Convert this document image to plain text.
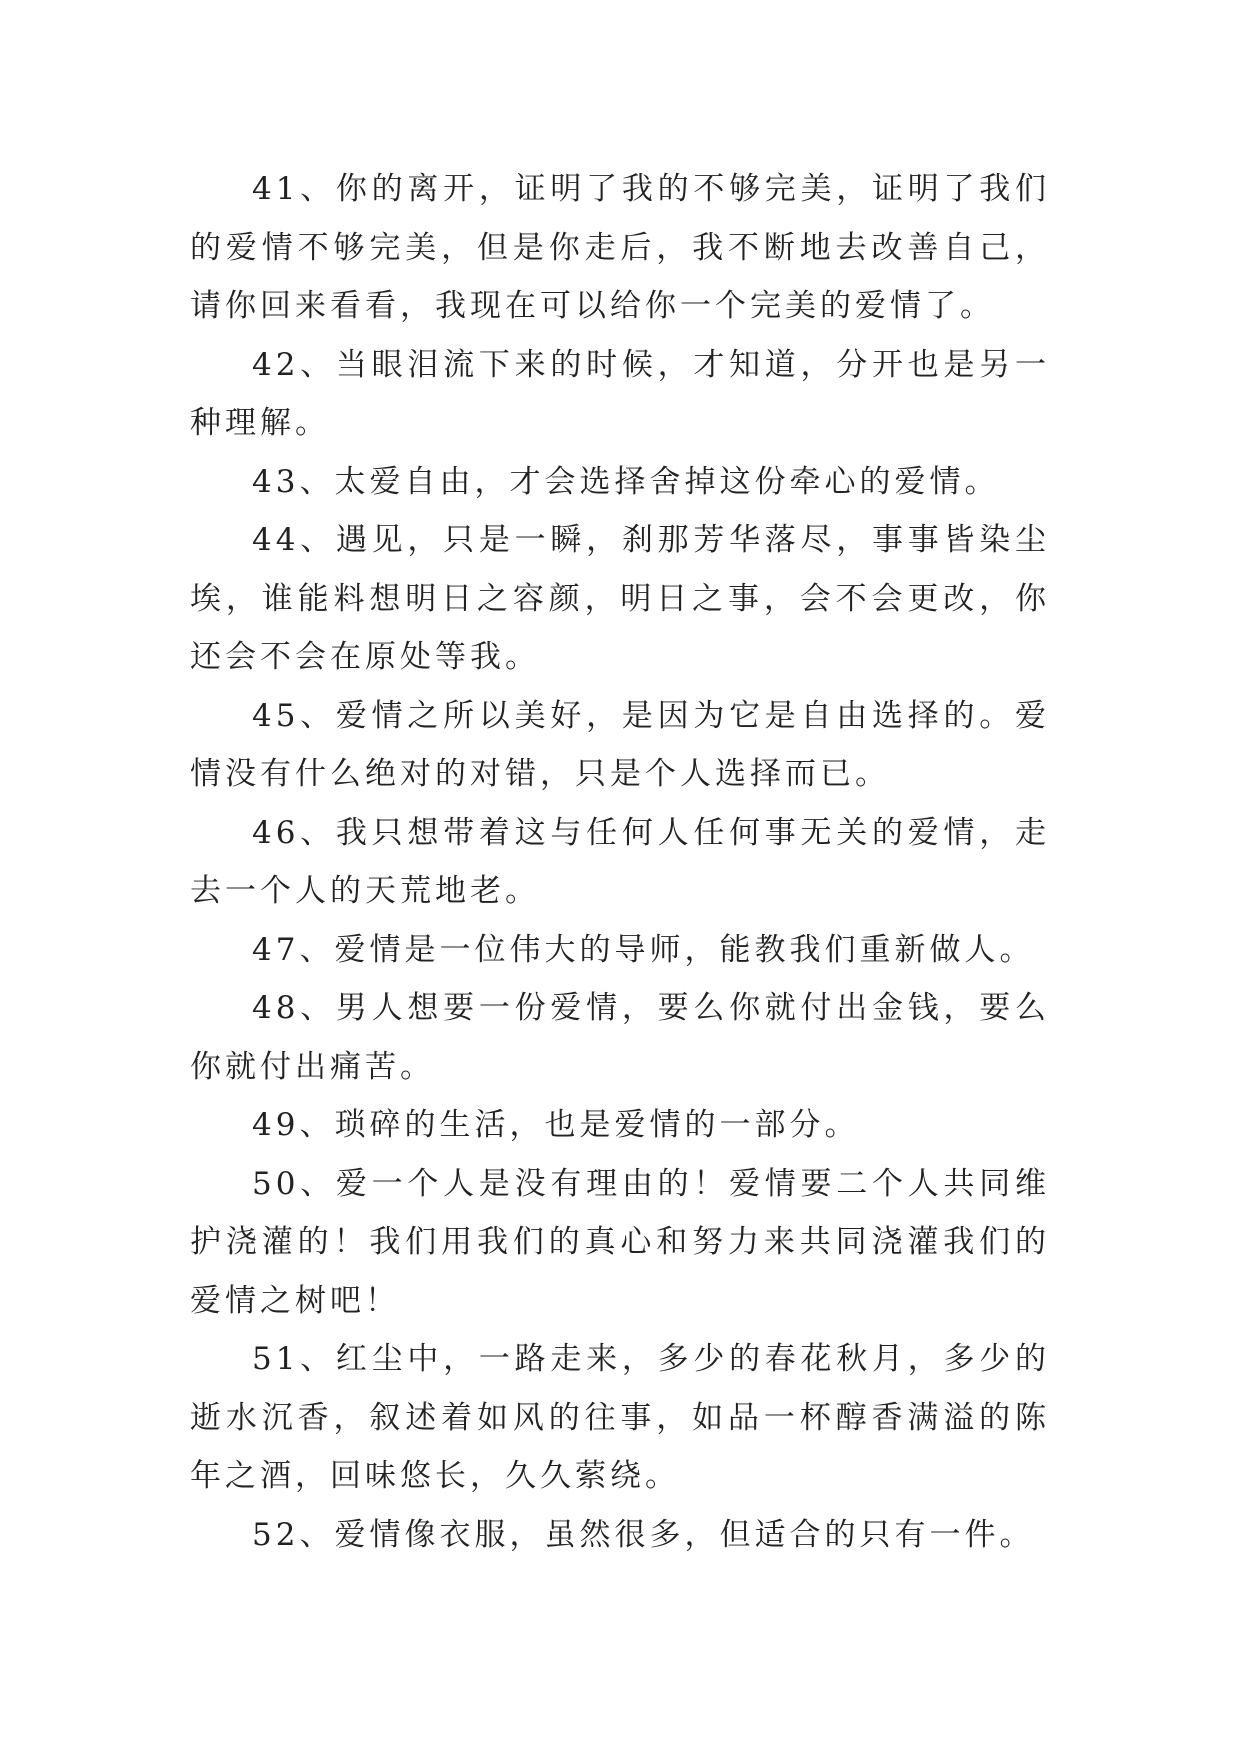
41、你的离开，证明了我的不够完美，证明了我们的爱情不够完美，但是你走后，我不断地去改善自己，请你回来看看，我现在可以给你一个完美的爱情了。

42、当眼泪流下来的时候，才知道，分开也是另一种理解。

43、太爱自由，才会选择舍掉这份牵心的爱情。

44、遇见，只是一瞬，刹那芳华落尽，事事皆染尘埃，谁能料想明日之容颜，明日之事，会不会更改，你还会不会在原处等我。

45、爱情之所以美好，是因为它是自由选择的。爱情没有什么绝对的对错，只是个人选择而已。

46、我只想带着这与任何人任何事无关的爱情，走去一个人的天荒地老。

47、爱情是一位伟大的导师，能教我们重新做人。

48、男人想要一份爱情，要么你就付出金钱，要么你就付出痛苦。

49、琐碎的生活，也是爱情的一部分。

50、爱一个人是没有理由的！爱情要二个人共同维护浇灌的！我们用我们的真心和努力来共同浇灌我们的爱情之树吧！

51、红尘中，一路走来，多少的春花秋月，多少的逝水沉香，叙述着如风的往事，如品一杯醇香满溢的陈年之酒，回味悠长，久久萦绕。

52、爱情像衣服，虽然很多，但适合的只有一件。
